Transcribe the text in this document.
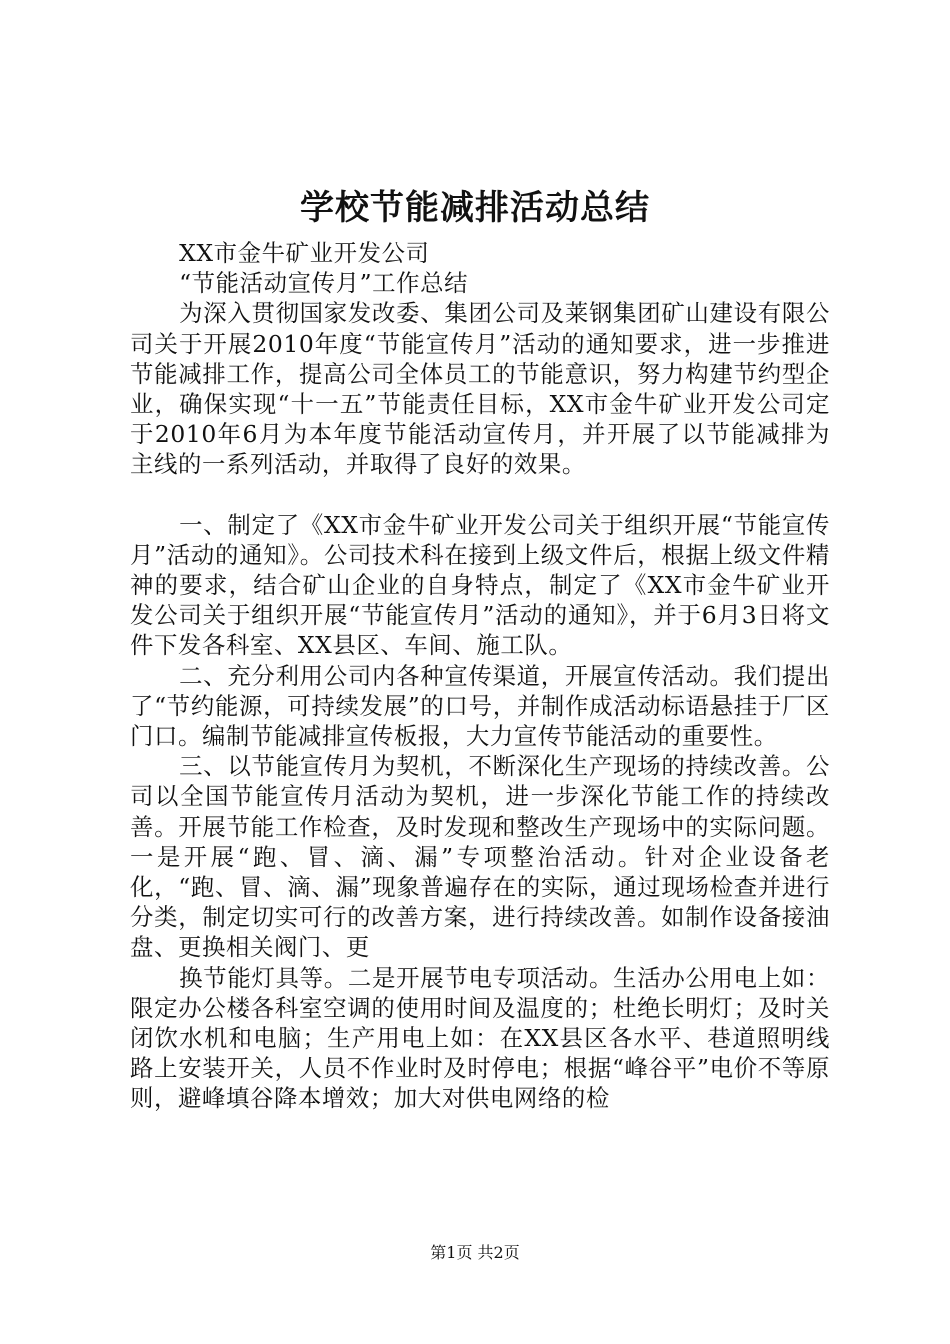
学校节能减排活动总结

XX市金牛矿业开发公司

“节能活动宣传月”工作总结

为深入贯彻国家发改委、集团公司及莱钢集团矿山建设有限公司关于开展2010年度“节能宣传月”活动的通知要求，进一步推进节能减排工作，提高公司全体员工的节能意识，努力构建节约型企业，确保实现“十一五”节能责任目标，XX市金牛矿业开发公司定于2010年6月为本年度节能活动宣传月，并开展了以节能减排为主线的一系列活动，并取得了良好的效果。

一、制定了《XX市金牛矿业开发公司关于组织开展“节能宣传月”活动的通知》。公司技术科在接到上级文件后，根据上级文件精神的要求，结合矿山企业的自身特点，制定了《XX市金牛矿业开发公司关于组织开展“节能宣传月”活动的通知》，并于6月3日将文件下发各科室、XX县区、车间、施工队。

二、充分利用公司内各种宣传渠道，开展宣传活动。我们提出了“节约能源，可持续发展”的口号，并制作成活动标语悬挂于厂区门口。编制节能减排宣传板报，大力宣传节能活动的重要性。

三、以节能宣传月为契机，不断深化生产现场的持续改善。公司以全国节能宣传月活动为契机，进一步深化节能工作的持续改善。开展节能工作检查，及时发现和整改生产现场中的实际问题。一是开展“跑、冒、滴、漏”专项整治活动。针对企业设备老化，“跑、冒、滴、漏”现象普遍存在的实际，通过现场检查并进行分类，制定切实可行的改善方案，进行持续改善。如制作设备接油盘、更换相关阀门、更

换节能灯具等。二是开展节电专项活动。生活办公用电上如：限定办公楼各科室空调的使用时间及温度的；杜绝长明灯；及时关闭饮水机和电脑；生产用电上如：在XX县区各水平、巷道照明线路上安装开关，人员不作业时及时停电；根据“峰谷平”电价不等原则，避峰填谷降本增效；加大对供电网络的检

第1页 共2页
